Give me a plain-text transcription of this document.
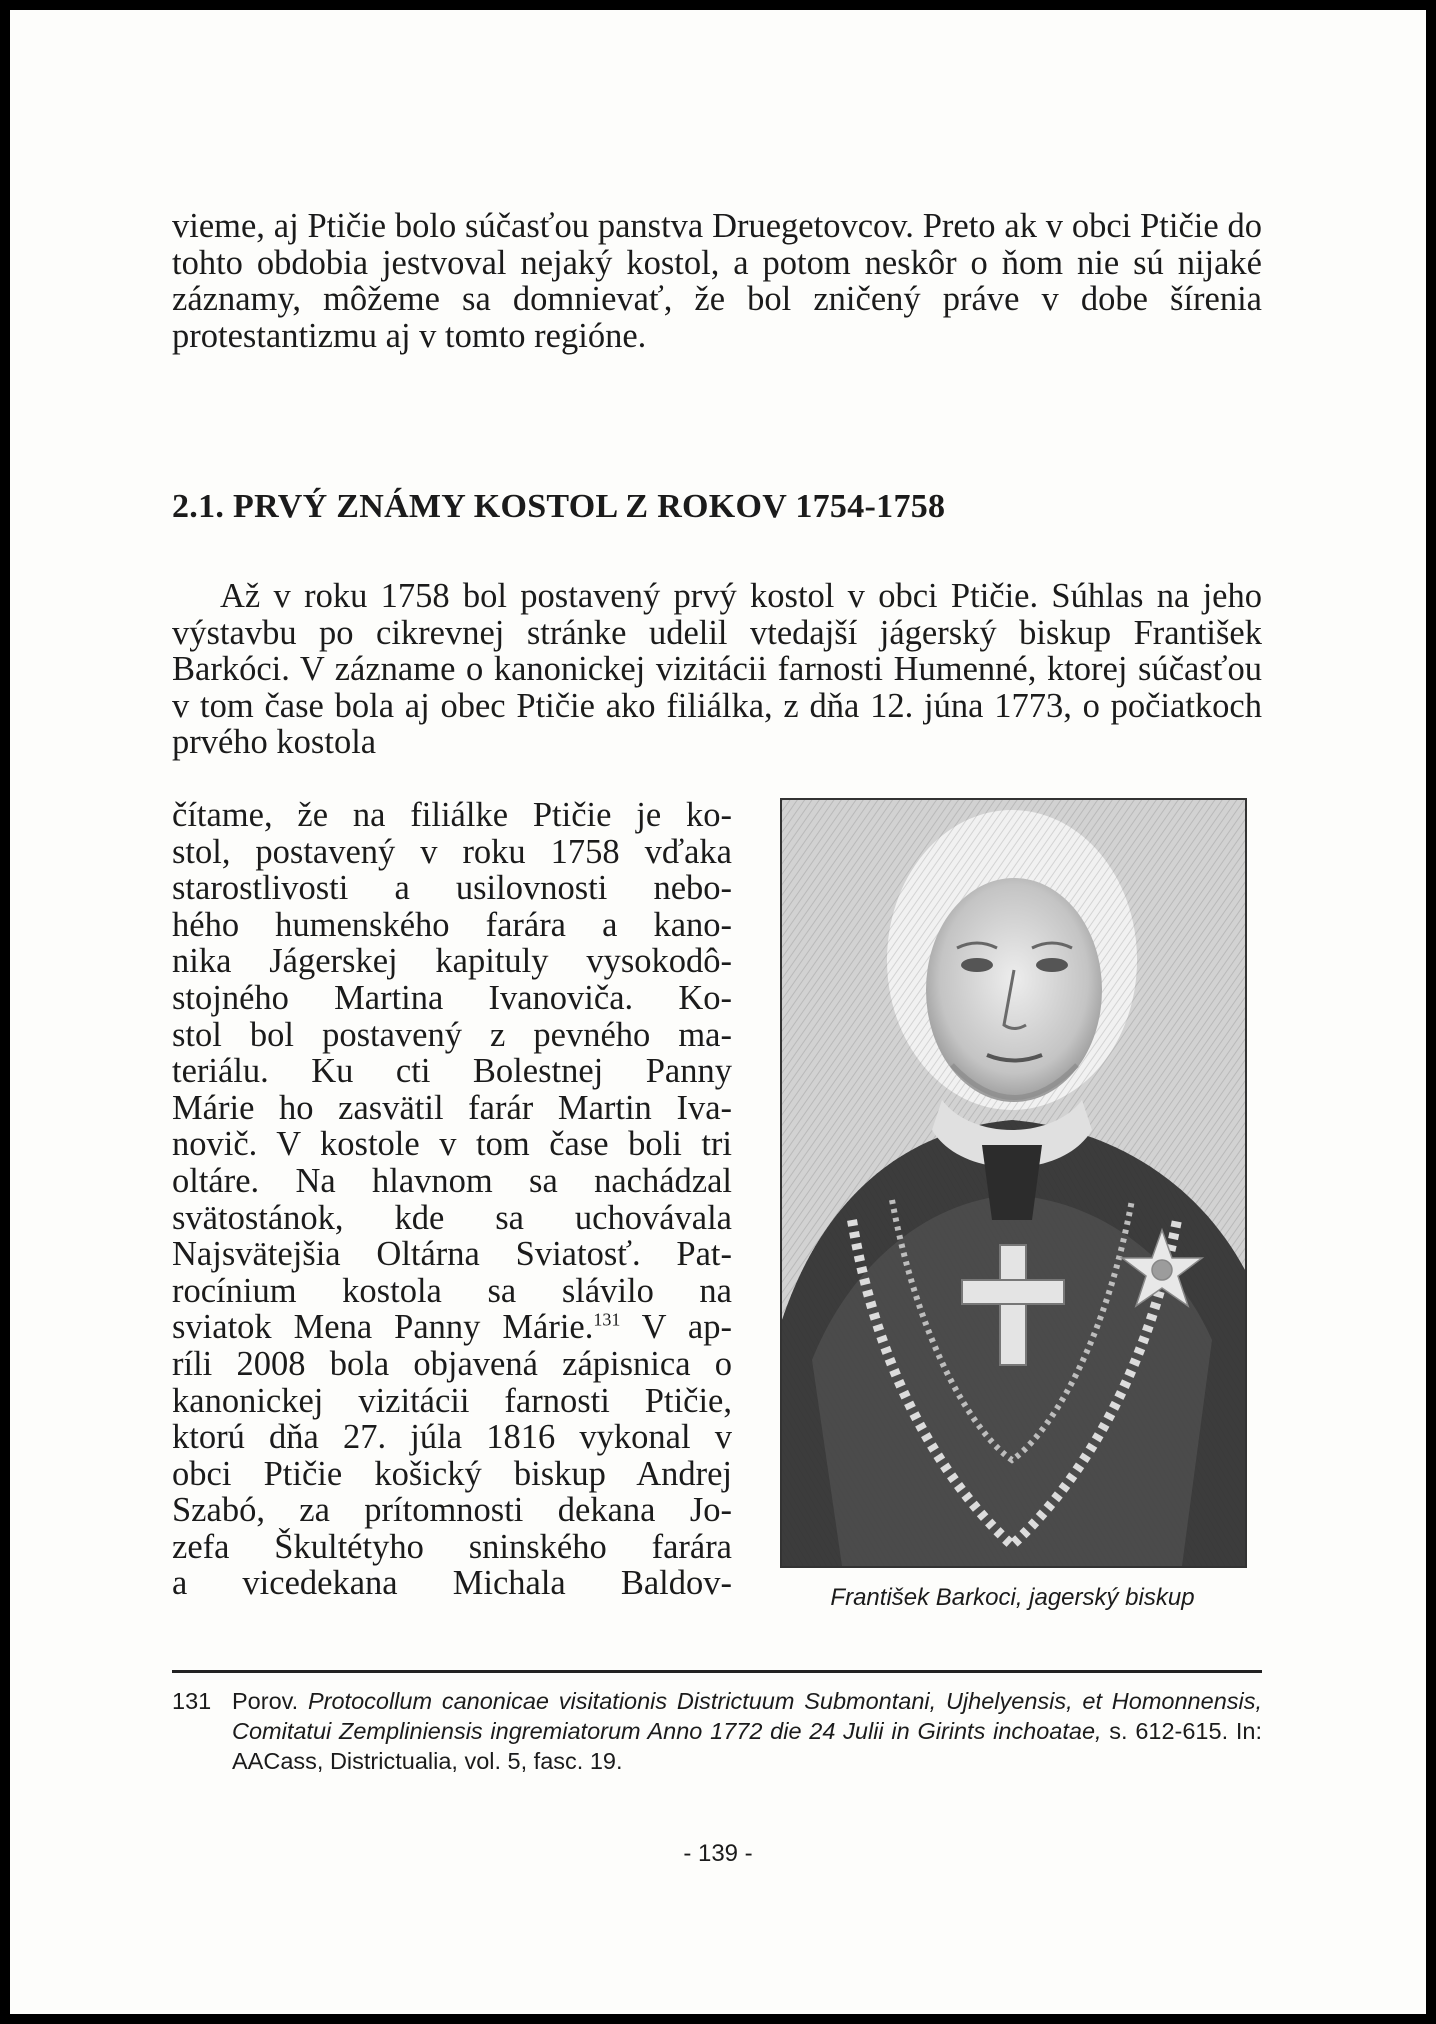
vieme, aj Ptičie bolo súčasťou panstva Druegetovcov. Preto ak v obci Ptičie do tohto obdobia jestvoval nejaký kostol, a potom neskôr o ňom nie sú nijaké záznamy, môžeme sa domnievať, že bol zničený práve v dobe šírenia protestantizmu aj v tomto regióne.

2.1. PRVÝ ZNÁMY KOSTOL Z ROKOV 1754-1758

Až v roku 1758 bol postavený prvý kostol v obci Ptičie. Súhlas na jeho výstavbu po cikrevnej stránke udelil vtedajší jágerský biskup František Barkóci. V zázname o kanonickej vizitácii farnosti Humenné, ktorej súčasťou v tom čase bola aj obec Ptičie ako filiálka, z dňa 12. júna 1773, o počiatkoch prvého kostola

čítame, že na filiálke Ptičie je ko-

stol, postavený v roku 1758 vďaka

starostlivosti a usilovnosti nebo-

hého humenského farára a kano-

nika Jágerskej kapituly vysokodô-

stojného Martina Ivanoviča. Ko-

stol bol postavený z pevného ma-

teriálu. Ku cti Bolestnej Panny

Márie ho zasvätil farár Martin Iva-

novič. V kostole v tom čase boli tri

oltáre. Na hlavnom sa nachádzal

svätostánok, kde sa uchovávala

Najsvätejšia Oltárna Sviatosť. Pat-

rocínium kostola sa slávilo na

sviatok Mena Panny Márie.$^{131}$ V ap-

ríli 2008 bola objavená zápisnica o

kanonickej vizitácii farnosti Ptičie,

ktorú dňa 27. júla 1816 vykonal v

obci Ptičie košický biskup Andrej

Szabó, za prítomnosti dekana Jo-

zefa Škultétyho sninského farára

a vicedekana Michala Baldov-	František Barkoci, jagerský biskup
131 Porov. Protocollum canonicae visitationis Districtuum Submontani, Ujhelyensis, et Homonnensis, Comitatui Zempliniensis ingremiatorum Anno 1772 die 24 Julii in Girints inchoatae, s. 612-615. In: AACass, Districtualia, vol. 5, fasc. 19.

- 139 -
